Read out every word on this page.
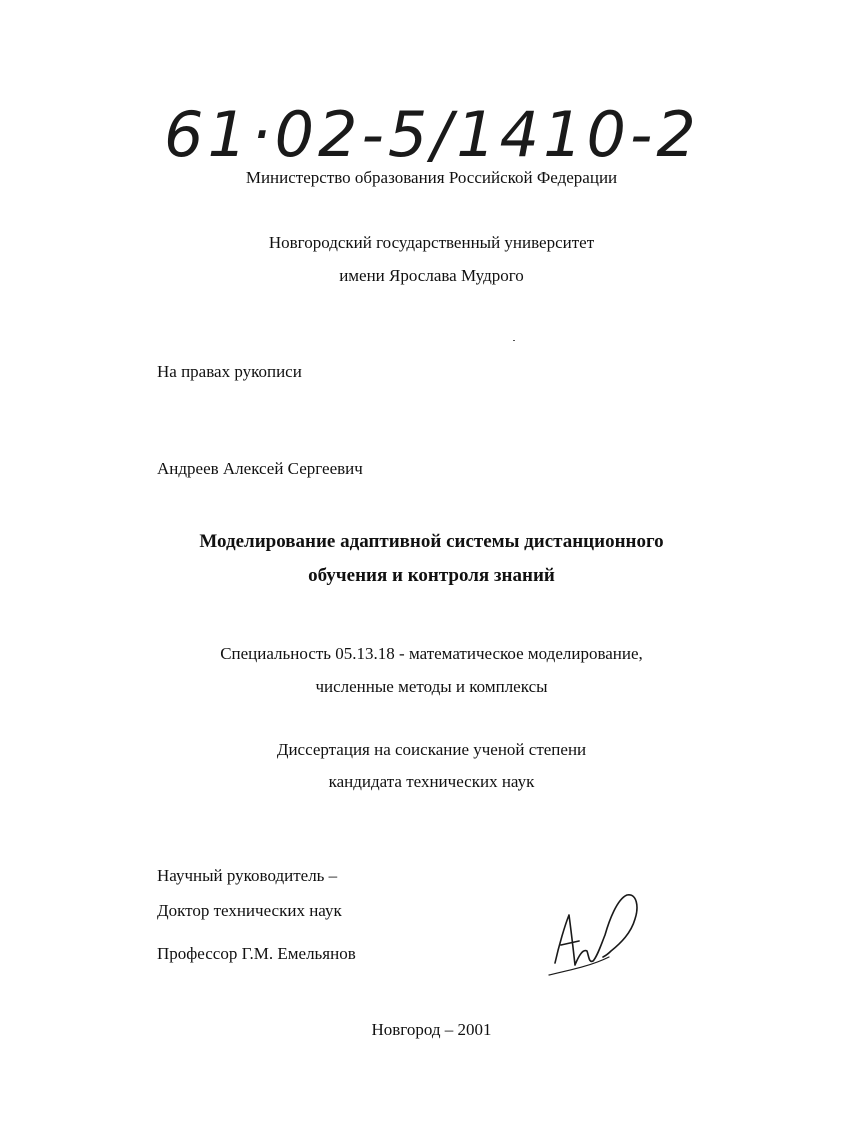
61·02-5/1410-2
Министерство образования Российской Федерации
Новгородский государственный университет
имени Ярослава Мудрого
На правах рукописи
Андреев Алексей Сергеевич
Моделирование адаптивной системы дистанционного
обучения и контроля знаний
Специальность 05.13.18 - математическое моделирование,
численные методы и комплексы
Диссертация на соискание ученой степени
кандидата технических наук
Научный руководитель –
Доктор технических наук
Профессор Г.М. Емельянов
Новгород – 2001
